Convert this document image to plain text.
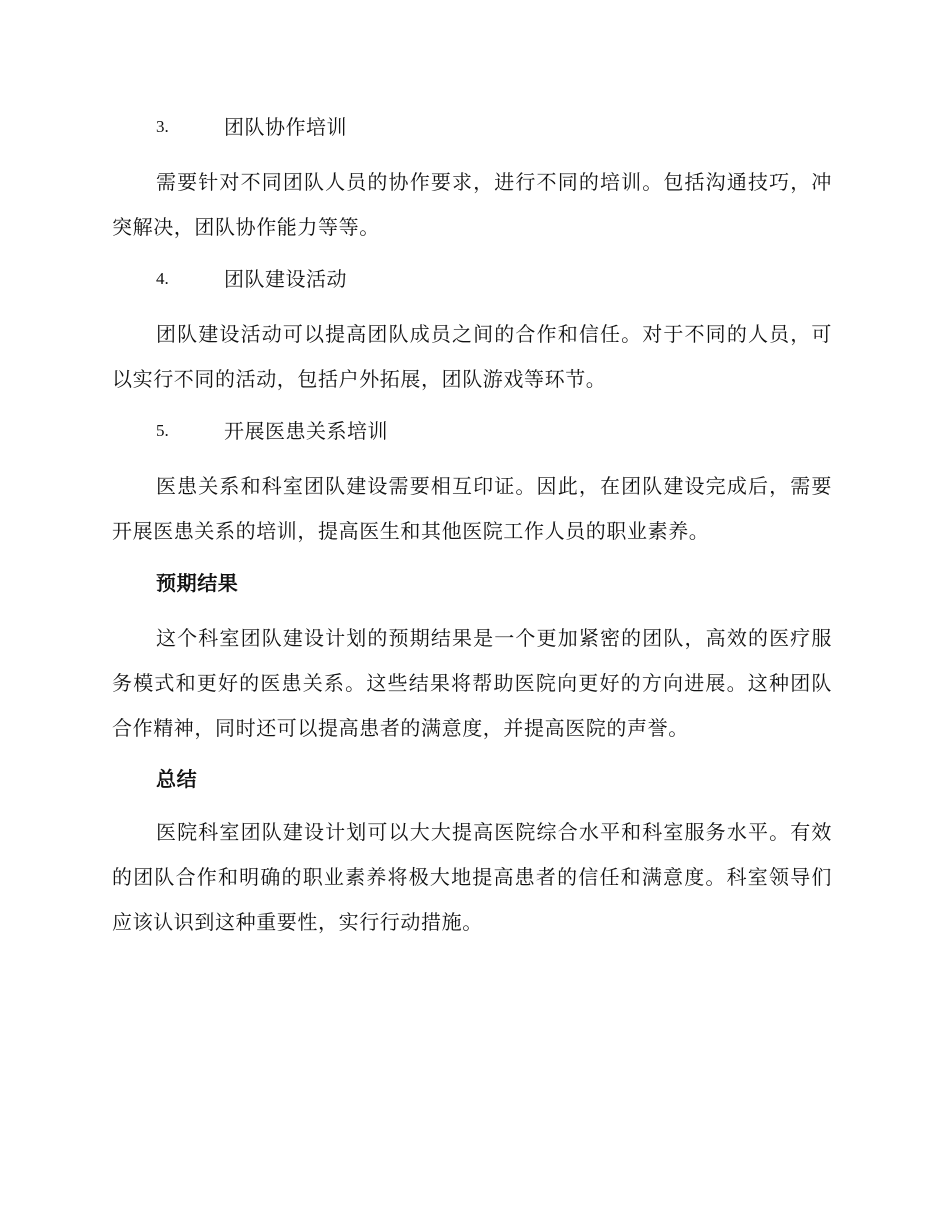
3.	团队协作培训

需要针对不同团队人员的协作要求，进行不同的培训。包括沟通技巧，冲突解决，团队协作能力等等。

4.	团队建设活动

团队建设活动可以提高团队成员之间的合作和信任。对于不同的人员，可以实行不同的活动，包括户外拓展，团队游戏等环节。

5.	开展医患关系培训

医患关系和科室团队建设需要相互印证。因此，在团队建设完成后，需要开展医患关系的培训，提高医生和其他医院工作人员的职业素养。

预期结果

这个科室团队建设计划的预期结果是一个更加紧密的团队，高效的医疗服务模式和更好的医患关系。这些结果将帮助医院向更好的方向进展。这种团队合作精神，同时还可以提高患者的满意度，并提高医院的声誉。

总结

医院科室团队建设计划可以大大提高医院综合水平和科室服务水平。有效的团队合作和明确的职业素养将极大地提高患者的信任和满意度。科室领导们应该认识到这种重要性，实行行动措施。
